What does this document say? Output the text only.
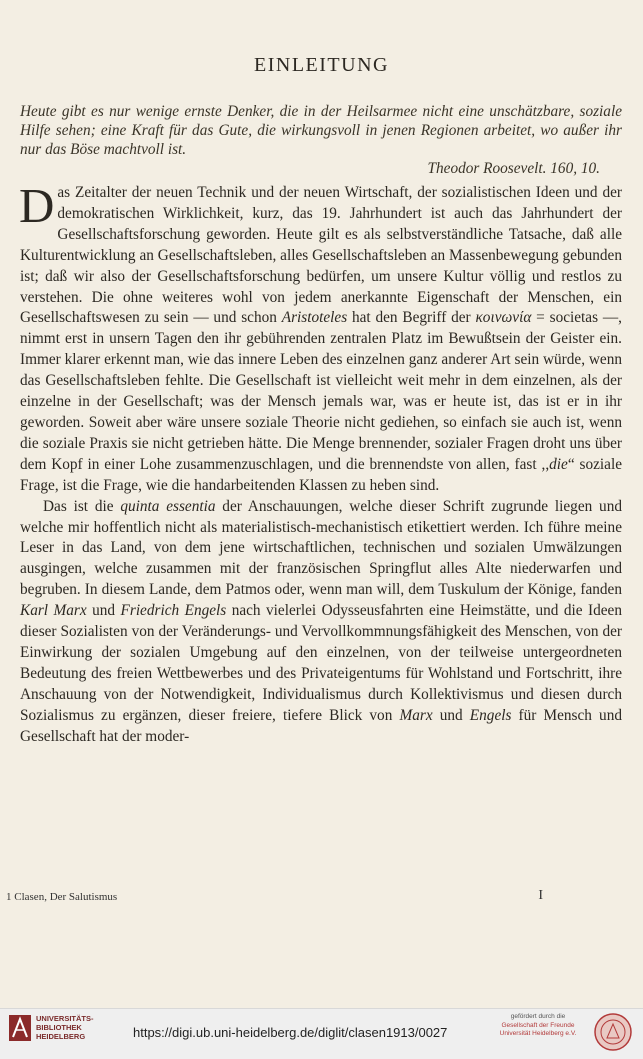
EINLEITUNG

Heute gibt es nur wenige ernste Denker, die in der Heilsarmee nicht eine unschätzbare, soziale Hilfe sehen; eine Kraft für das Gute, die wirkungsvoll in jenen Regionen arbeitet, wo außer ihr nur das Böse machtvoll ist.

Theodor Roosevelt. 160, 10.

Das Zeitalter der neuen Technik und der neuen Wirtschaft, der sozialistischen Ideen und der demokratischen Wirklichkeit, kurz, das 19. Jahrhundert ist auch das Jahrhundert der Gesellschaftsforschung geworden. Heute gilt es als selbstverständliche Tatsache, daß alle Kulturentwicklung an Gesellschaftsleben, alles Gesellschaftsleben an Massenbewegung gebunden ist; daß wir also der Gesellschaftsforschung bedürfen, um unsere Kultur völlig und restlos zu verstehen. Die ohne weiteres wohl von jedem anerkannte Eigenschaft der Menschen, ein Gesellschaftswesen zu sein — und schon Aristoteles hat den Begriff der κοινωνία = societas —, nimmt erst in unsern Tagen den ihr gebührenden zentralen Platz im Bewußtsein der Geister ein. Immer klarer erkennt man, wie das innere Leben des einzelnen ganz anderer Art sein würde, wenn das Gesellschaftsleben fehlte. Die Gesellschaft ist vielleicht weit mehr in dem einzelnen, als der einzelne in der Gesellschaft; was der Mensch jemals war, was er heute ist, das ist er in ihr geworden. Soweit aber wäre unsere soziale Theorie nicht gediehen, so einfach sie auch ist, wenn die soziale Praxis sie nicht getrieben hätte. Die Menge brennender, sozialer Fragen droht uns über dem Kopf in einer Lohe zusammenzuschlagen, und die brennendste von allen, fast ,,die“ soziale Frage, ist die Frage, wie die handarbeitenden Klassen zu heben sind.

Das ist die quinta essentia der Anschauungen, welche dieser Schrift zugrunde liegen und welche mir hoffentlich nicht als materialistisch-mechanistisch etikettiert werden. Ich führe meine Leser in das Land, von dem jene wirtschaftlichen, technischen und sozialen Umwälzungen ausgingen, welche zusammen mit der französischen Springflut alles Alte niederwarfen und begruben. In diesem Lande, dem Patmos oder, wenn man will, dem Tuskulum der Könige, fanden Karl Marx und Friedrich Engels nach vielerlei Odysseusfahrten eine Heimstätte, und die Ideen dieser Sozialisten von der Veränderungs- und Vervollkommnungsfähigkeit des Menschen, von der Einwirkung der sozialen Umgebung auf den einzelnen, von der teilweise untergeordneten Bedeutung des freien Wettbewerbes und des Privateigentums für Wohlstand und Fortschritt, ihre Anschauung von der Notwendigkeit, Individualismus durch Kollektivismus und diesen durch Sozialismus zu ergänzen, dieser freiere, tiefere Blick von Marx und Engels für Mensch und Gesellschaft hat der moder-

1 Clasen, Der Salutismus	I
UNIVERSITÄTS-
BIBLIOTHEK
HEIDELBERG	https://digi.ub.uni-heidelberg.de/diglit/clasen1913/0027
gefördert durch die
Gesellschaft der Freunde
Universität Heidelberg e.V.
